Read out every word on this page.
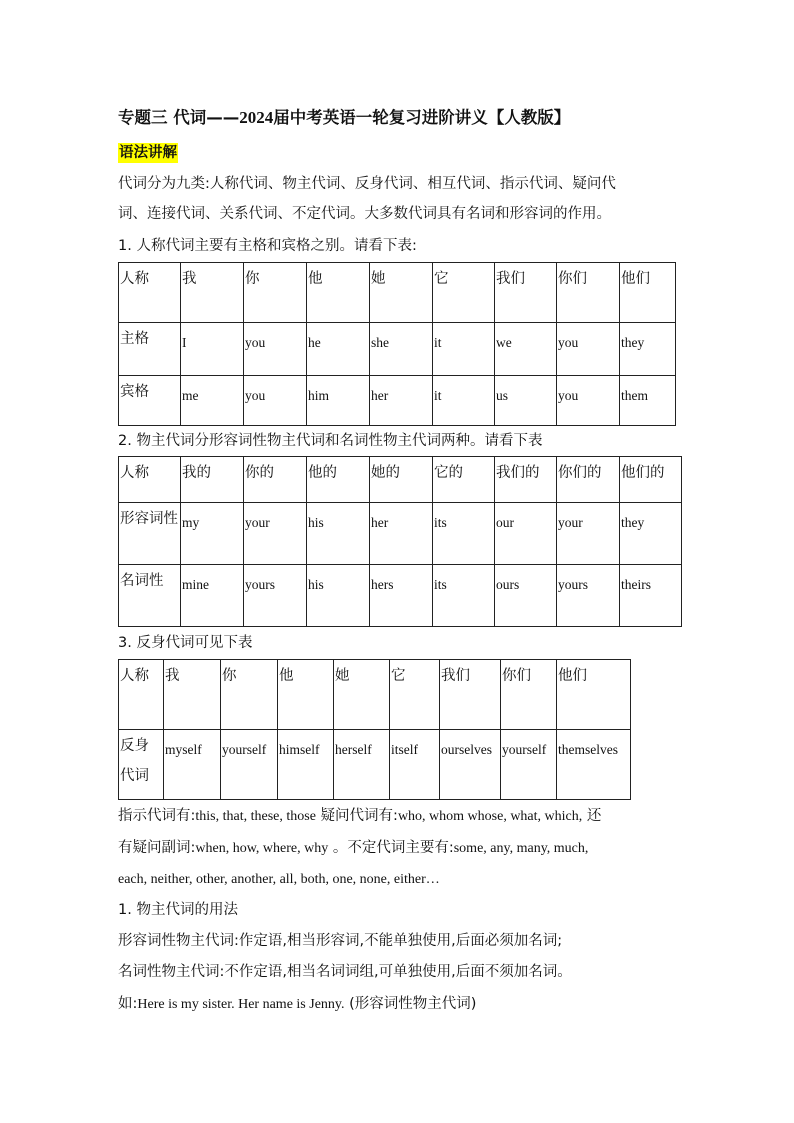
专题三 代词——2024届中考英语一轮复习进阶讲义【人教版】
语法讲解
代词分为九类:人称代词、物主代词、反身代词、相互代词、指示代词、疑问代
词、连接代词、关系代词、不定代词。大多数代词具有名词和形容词的作用。
1. 人称代词主要有主格和宾格之别。请看下表:
人称	我	你	他	她	它	我们	你们	他们

主格	I	you	he	she	it	we	you	they

宾格	me	you	him	her	it	us	you	them
2. 物主代词分形容词性物主代词和名词性物主代词两种。请看下表
人称	我的	你的	他的	她的	它的	我们的	你们的	他们的

形容词性	my	your	his	her	its	our	your	they

名词性	mine	yours	his	hers	its	ours	yours	theirs
3. 反身代词可见下表
人称	我	你	他	她	它	我们	你们	他们

反身代词	myself	yourself	himself	herself	itself	ourselves	yourself	themselves
指示代词有:this, that, these, those 疑问代词有:who, whom whose, what, which, 还
有疑问副词:when, how, where, why 。不定代词主要有:some, any, many, much,
each, neither, other, another, all, both, one, none, either…
1. 物主代词的用法
形容词性物主代词:作定语,相当形容词,不能单独使用,后面必须加名词;
名词性物主代词:不作定语,相当名词词组,可单独使用,后面不须加名词。
如:Here is my sister. Her name is Jenny. (形容词性物主代词)
